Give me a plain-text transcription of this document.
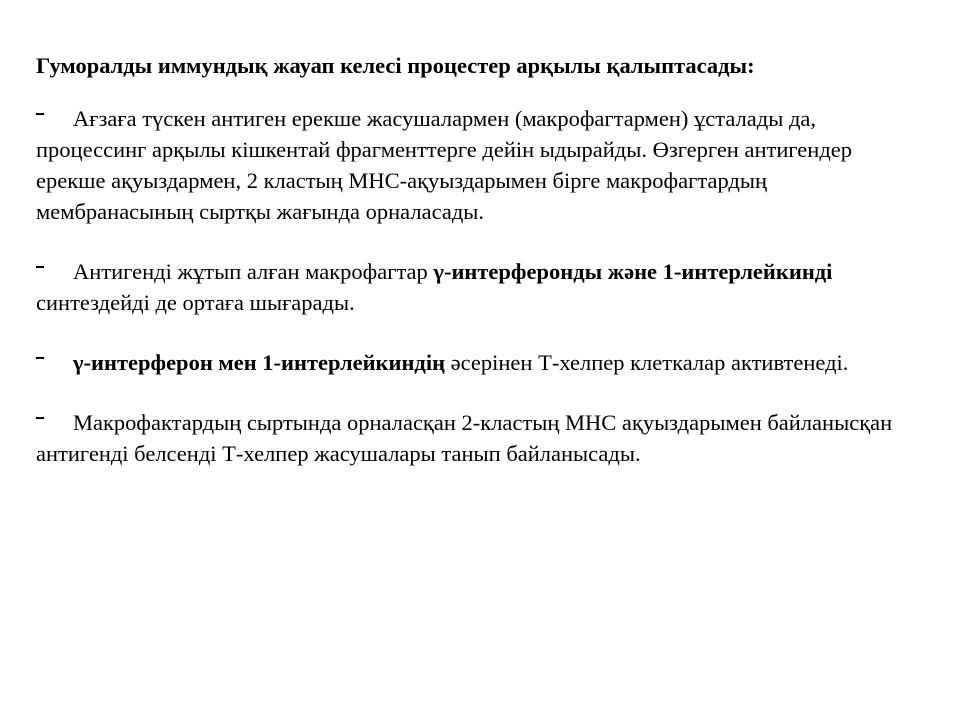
Гуморалды иммундық жауап келесі процестер арқылы қалыптасады:

Ағзаға түскен антиген ерекше жасушалармен (макрофагтармен) ұсталады да, процессинг арқылы кішкентай фрагменттерге дейін ыдырайды. Өзгерген антигендер ерекше ақуыздармен, 2 кластың МНС-ақуыздарымен бірге макрофагтардың мембранасының сыртқы жағында орналасады.

Антигенді жұтып алған макрофагтар γ-интерферонды және 1-интерлейкинді синтездейді де ортаға шығарады.

γ-интерферон мен 1-интерлейкиндің әсерінен Т-хелпер клеткалар активтенеді.

Макрофактардың сыртында орналасқан 2-кластың МНС ақуыздарымен байланысқан антигенді белсенді Т-хелпер жасушалары танып байланысады.
